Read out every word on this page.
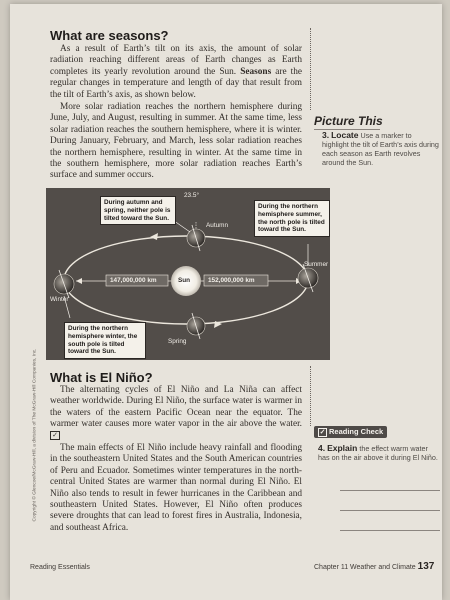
Copyright © Glencoe/McGraw-Hill, a division of The McGraw-Hill Companies, Inc.
What are seasons?

As a result of Earth’s tilt on its axis, the amount of solar radiation reaching different areas of Earth changes as Earth completes its yearly revolution around the Sun. Seasons are the regular changes in temperature and length of day that result from the tilt of Earth’s axis, as shown below.

More solar radiation reaches the northern hemisphere during June, July, and August, resulting in summer. At the same time, less solar radiation reaches the southern hemisphere, where it is winter. During January, February, and March, less solar radiation reaches the northern hemisphere, resulting in winter. At the same time in the southern hemisphere, more solar radiation reaches Earth’s surface and summer occurs.

Picture This
3. Locate Use a marker to highlight the tilt of Earth’s axis during each season as Earth revolves around the Sun.
During autumn and spring, neither pole is tilted toward the Sun.
During the northern hemisphere summer, the north pole is tilted toward the Sun.
During the northern hemisphere winter, the south pole is tilted toward the Sun.
23.5°
Autumn
Summer
Winter
Spring
Sun
147,000,000 km	152,000,000 km
What is El Niño?

The alternating cycles of El Niño and La Niña can affect weather worldwide. During El Niño, the surface water is warmer in the waters of the eastern Pacific Ocean near the equator. The warmer water causes more water vapor in the air above the water. ✓

The main effects of El Niño include heavy rainfall and flooding in the southeastern United States and the South American countries of Peru and Ecuador. Sometimes winter temperatures in the north-central United States are warmer than normal during El Niño. El Niño also tends to result in fewer hurricanes in the Caribbean and southeastern United States. However, El Niño often produces severe droughts that can lead to forest fires in Australia, Indonesia, and southeast Africa.

✓ Reading Check
4. Explain the effect warm water has on the air above it during El Niño.
Reading Essentials	Chapter 11 Weather and Climate 137
